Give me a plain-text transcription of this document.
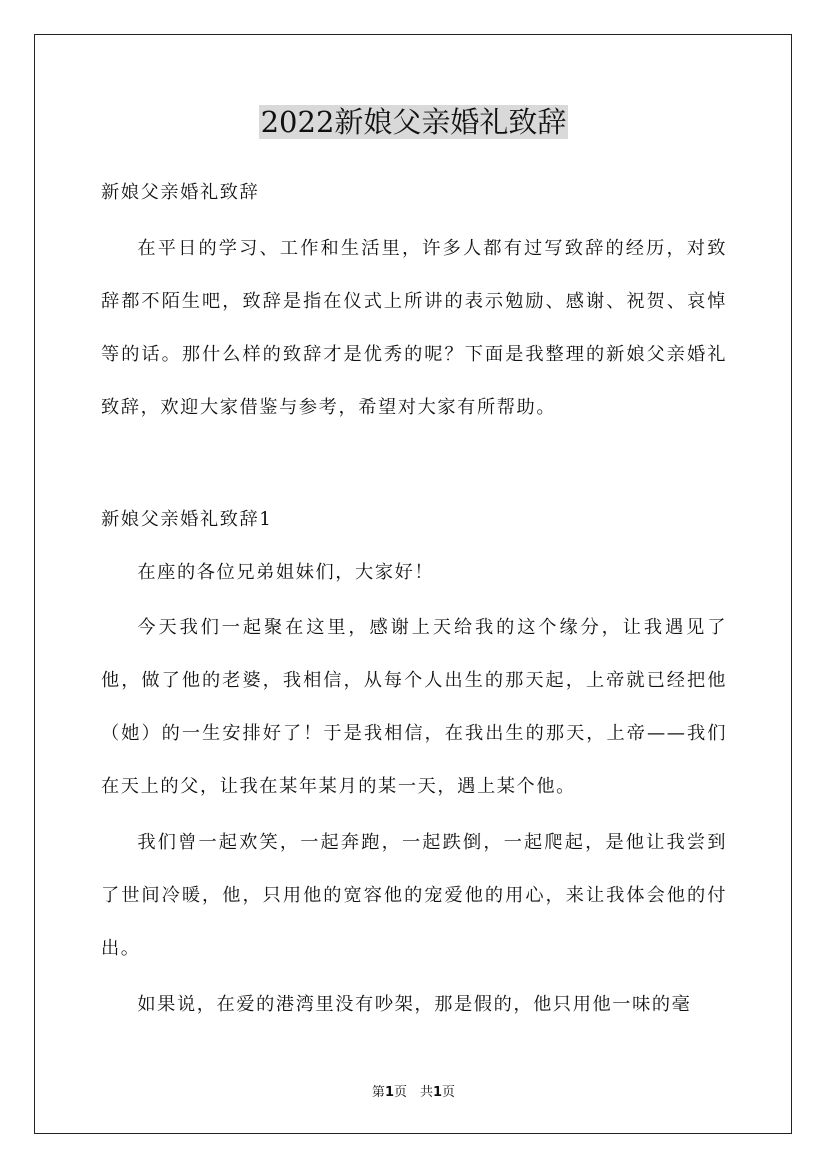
2022新娘父亲婚礼致辞

新娘父亲婚礼致辞

在平日的学习、工作和生活里，许多人都有过写致辞的经历，对致辞都不陌生吧，致辞是指在仪式上所讲的表示勉励、感谢、祝贺、哀悼等的话。那什么样的致辞才是优秀的呢？下面是我整理的新娘父亲婚礼致辞，欢迎大家借鉴与参考，希望对大家有所帮助。

新娘父亲婚礼致辞1

在座的各位兄弟姐妹们，大家好！

今天我们一起聚在这里，感谢上天给我的这个缘分，让我遇见了他，做了他的老婆，我相信，从每个人出生的那天起，上帝就已经把他（她）的一生安排好了！于是我相信，在我出生的那天，上帝——我们在天上的父，让我在某年某月的某一天，遇上某个他。

我们曾一起欢笑，一起奔跑，一起跌倒，一起爬起，是他让我尝到了世间冷暖，他，只用他的宽容他的宠爱他的用心，来让我体会他的付出。

如果说，在爱的港湾里没有吵架，那是假的，他只用他一味的毫

第1页　共1页
